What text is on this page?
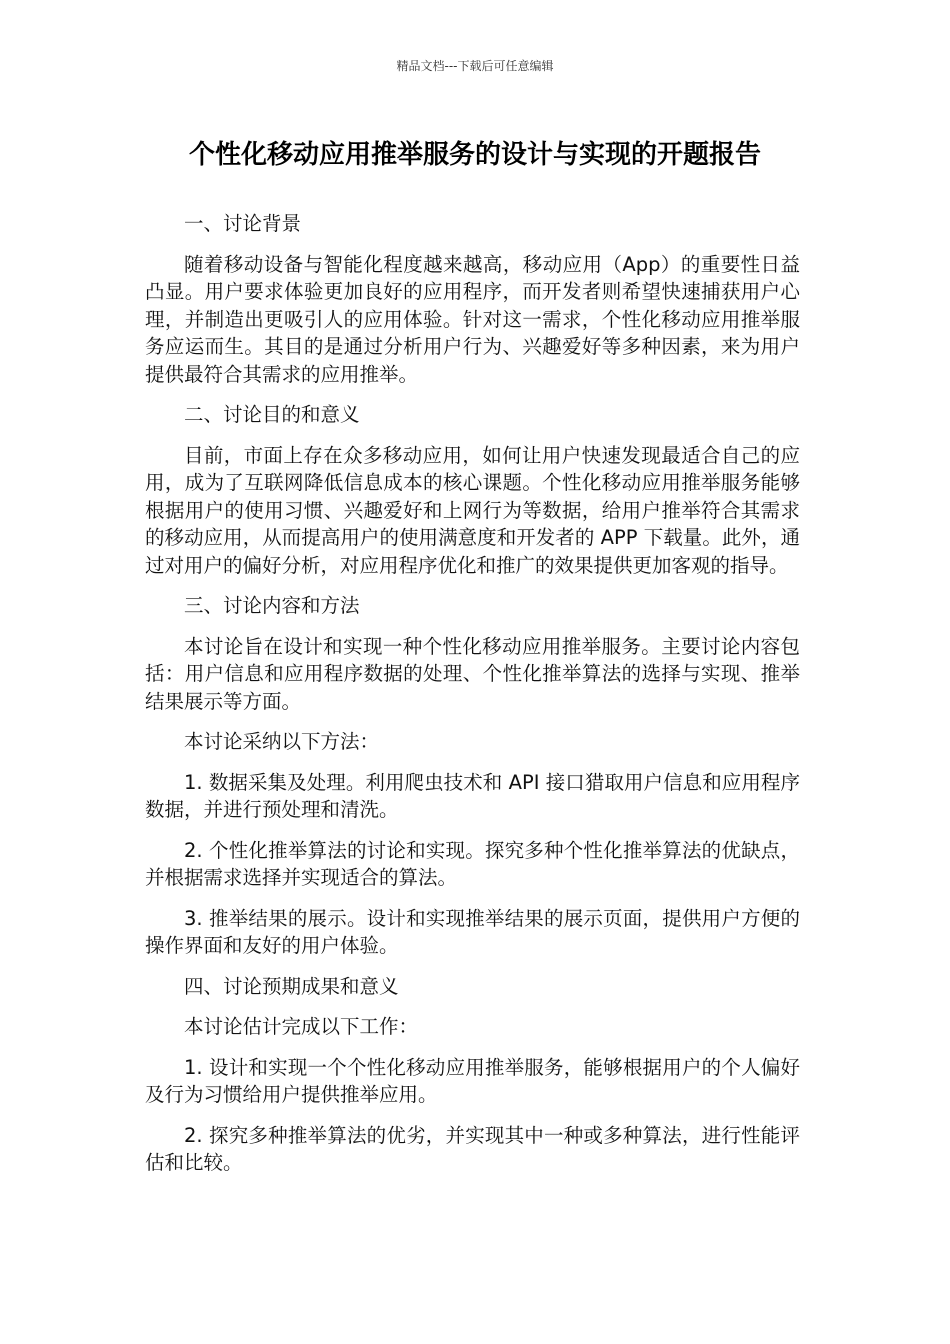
精品文档---下载后可任意编辑
个性化移动应用推举服务的设计与实现的开题报告
一、讨论背景

随着移动设备与智能化程度越来越高，移动应用（App）的重要性日益凸显。用户要求体验更加良好的应用程序，而开发者则希望快速捕获用户心理，并制造出更吸引人的应用体验。针对这一需求，个性化移动应用推举服务应运而生。其目的是通过分析用户行为、兴趣爱好等多种因素，来为用户提供最符合其需求的应用推举。

二、讨论目的和意义

目前，市面上存在众多移动应用，如何让用户快速发现最适合自己的应用，成为了互联网降低信息成本的核心课题。个性化移动应用推举服务能够根据用户的使用习惯、兴趣爱好和上网行为等数据，给用户推举符合其需求的移动应用，从而提高用户的使用满意度和开发者的 APP 下载量。此外，通过对用户的偏好分析，对应用程序优化和推广的效果提供更加客观的指导。

三、讨论内容和方法

本讨论旨在设计和实现一种个性化移动应用推举服务。主要讨论内容包括：用户信息和应用程序数据的处理、个性化推举算法的选择与实现、推举结果展示等方面。

本讨论采纳以下方法：

1. 数据采集及处理。利用爬虫技术和 API 接口猎取用户信息和应用程序数据，并进行预处理和清洗。

2. 个性化推举算法的讨论和实现。探究多种个性化推举算法的优缺点，并根据需求选择并实现适合的算法。

3. 推举结果的展示。设计和实现推举结果的展示页面，提供用户方便的操作界面和友好的用户体验。

四、讨论预期成果和意义

本讨论估计完成以下工作：

1. 设计和实现一个个性化移动应用推举服务，能够根据用户的个人偏好及行为习惯给用户提供推举应用。

2. 探究多种推举算法的优劣，并实现其中一种或多种算法，进行性能评估和比较。
